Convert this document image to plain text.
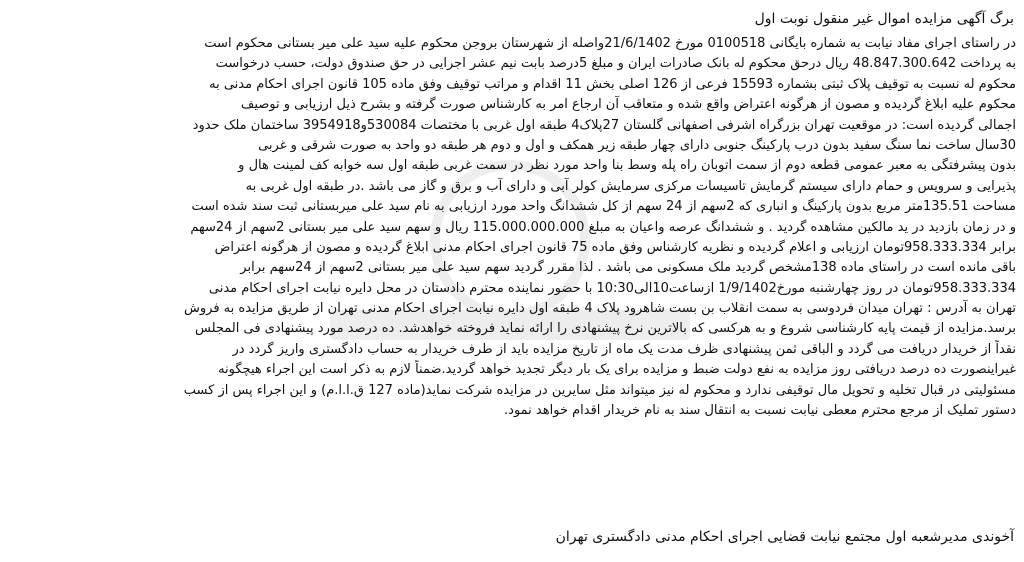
برگ آگهی مزایده اموال غیر منقول نوبت اول
در راستای اجرای مفاد نیابت به شماره بایگانی 0100518 مورخ 21/6/1402واصله از شهرستان بروجن محکوم علیه سید علی میر بستانی محکوم است
به پرداخت 48.847.300.642 ریال درحق محکوم له بانک صادرات ایران و مبلغ 5درصد بابت نیم عشر اجرایی در حق صندوق دولت، حسب درخواست
محکوم له نسبت به توقیف پلاک ثبتی بشماره 15593 فرعی از 126 اصلی بخش 11 اقدام و مراتب توقیف وفق ماده 105 قانون اجرای احکام مدنی به
محکوم علیه ابلاغ گردیده و مصون از هرگونه اعتراض واقع شده و متعاقب آن ارجاع امر به کارشناس صورت گرفته و بشرح ذیل ارزیابی و توصیف
اجمالی گردیده است: در موقعیت تهران بزرگراه اشرفی اصفهانی گلستان 27پلاک4 طبقه اول غربی با مختصات 530084و3954918 ساختمان ملک حدود
30سال ساخت نما سنگ سفید بدون درب پارکینگ جنوبی دارای چهار طبقه زیر همکف و اول و دوم هر طبقه دو واحد به صورت شرقی و غربی
بدون پیشرفتگی به معبر عمومی قطعه دوم از سمت اتوبان راه پله وسط بنا واحد مورد نظر در سمت غربی طبقه اول سه خوابه کف لمینت هال و
پذیرایی و سرویس و حمام دارای سیستم گرمایش تاسیسات مرکزی سرمایش کولر آبی و دارای آب و برق و گاز می باشد .در طبقه اول غربی به
مساحت 135.51متر مربع بدون پارکینگ و انباری که 2سهم از 24 سهم از کل ششدانگ واحد مورد ارزیابی به نام سید علی میربستانی ثبت سند شده است
و در زمان بازدید در ید مالکین مشاهده گردید . و ششدانگ عرصه واعیان به مبلغ 115.000.000.000 ریال و سهم سید علی میر بستانی 2سهم از 24سهم
برابر 958.333.334تومان ارزیابی و اعلام گردیده و نظریه کارشناس وفق ماده 75 قانون اجرای احکام مدنی ابلاغ گردیده و مصون از هرگونه اعتراض
باقی مانده است در راستای ماده 138مشخص گردید ملک مسکونی می باشد . لذا مقرر گردید سهم سید علی میر بستانی 2سهم از 24سهم برابر
958.333.334تومان در روز چهارشنبه مورخ1/9/1402 ازساعت10الی10:30 با حضور نماینده محترم دادستان در محل دایره نیابت اجرای احکام مدنی
تهران به آدرس : تهران میدان فردوسی به سمت انقلاب بن بست شاهرود پلاک 4 طبقه اول دایره نیابت اجرای احکام مدنی تهران از طریق مزایده به فروش
برسد.مزایده از قیمت پایه کارشناسی شروع و به هرکسی که بالاترین نرخ پیشنهادی را ارائه نماید فروخته خواهدشد. ده درصد مورد پیشنهادی فی المجلس
نقداً از خریدار دریافت می گردد و الباقی ثمن پیشنهادی ظرف مدت یک ماه از تاریخ مزایده باید از طرف خریدار به حساب دادگستری واریز گردد در
غیراینصورت ده درصد دریافتی روز مزایده به نفع دولت ضبط و مزایده برای یک بار دیگر تجدید خواهد گردید.ضمناً لازم به ذکر است این اجراء هیچگونه
مسئولیتی در قبال تخلیه و تحویل مال توقیفی ندارد و محکوم له نیز میتواند مثل سایرین در مزایده شرکت نماید(ماده 127 ق.ا.ا.م) و این اجراء پس از کسب
دستور تملیک از مرجع محترم معطی نیابت نسبت به انتقال سند به نام خریدار اقدام خواهد نمود.
آخوندی مدیرشعبه اول مجتمع نیابت قضایی اجرای احکام مدنی دادگستری تهران
